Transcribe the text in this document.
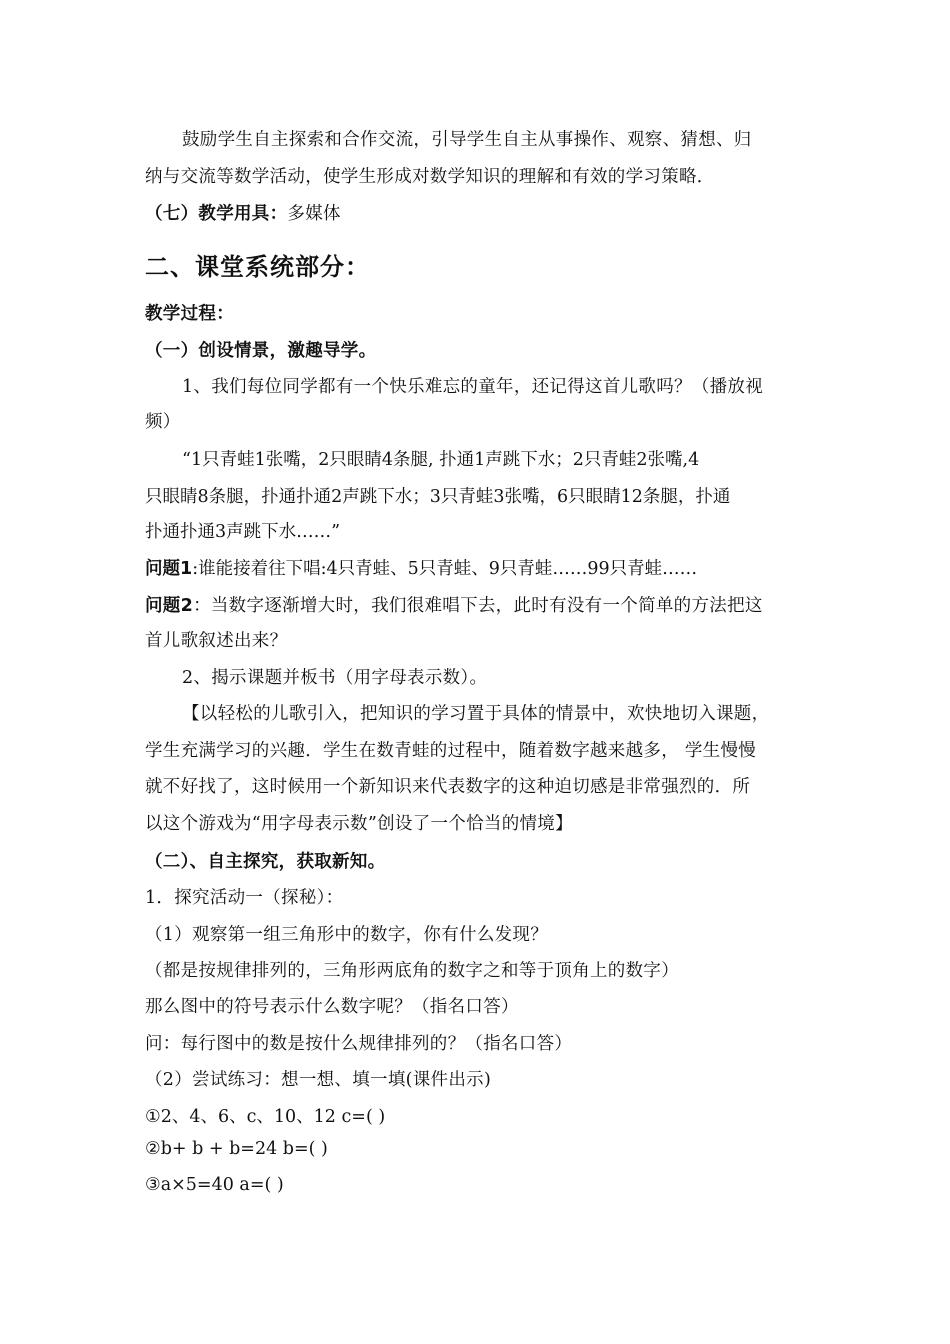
鼓励学生自主探索和合作交流，引导学生自主从事操作、观察、猜想、归
纳与交流等数学活动，使学生形成对数学知识的理解和有效的学习策略．
（七）教学用具：多媒体
二、课堂系统部分：
教学过程：
（一）创设情景，激趣导学。
1、我们每位同学都有一个快乐难忘的童年，还记得这首儿歌吗？（播放视
频）
“1只青蛙1张嘴，2只眼睛4条腿, 扑通1声跳下水；2只青蛙2张嘴,4
只眼睛8条腿，扑通扑通2声跳下水；3只青蛙3张嘴，6只眼睛12条腿，扑通
扑通扑通3声跳下水……”
问题1:谁能接着往下唱:4只青蛙、5只青蛙、9只青蛙……99只青蛙……
问题2：当数字逐渐增大时，我们很难唱下去，此时有没有一个简单的方法把这
首儿歌叙述出来？
2、揭示课题并板书（用字母表示数）。
【以轻松的儿歌引入，把知识的学习置于具体的情景中，欢快地切入课题，
学生充满学习的兴趣．学生在数青蛙的过程中，随着数字越来越多， 学生慢慢
就不好找了，这时候用一个新知识来代表数字的这种迫切感是非常强烈的．所
以这个游戏为“用字母表示数”创设了一个恰当的情境】
（二）、自主探究，获取新知。
1．探究活动一（探秘）：
（1）观察第一组三角形中的数字，你有什么发现？
（都是按规律排列的，三角形两底角的数字之和等于顶角上的数字）
那么图中的符号表示什么数字呢？（指名口答）
问：每行图中的数是按什么规律排列的？（指名口答）
（2）尝试练习：想一想、填一填(课件出示)
①2、4、6、c、10、12 c=( )
②b+ b + b=24 b=( )
③a×5=40 a=( )
